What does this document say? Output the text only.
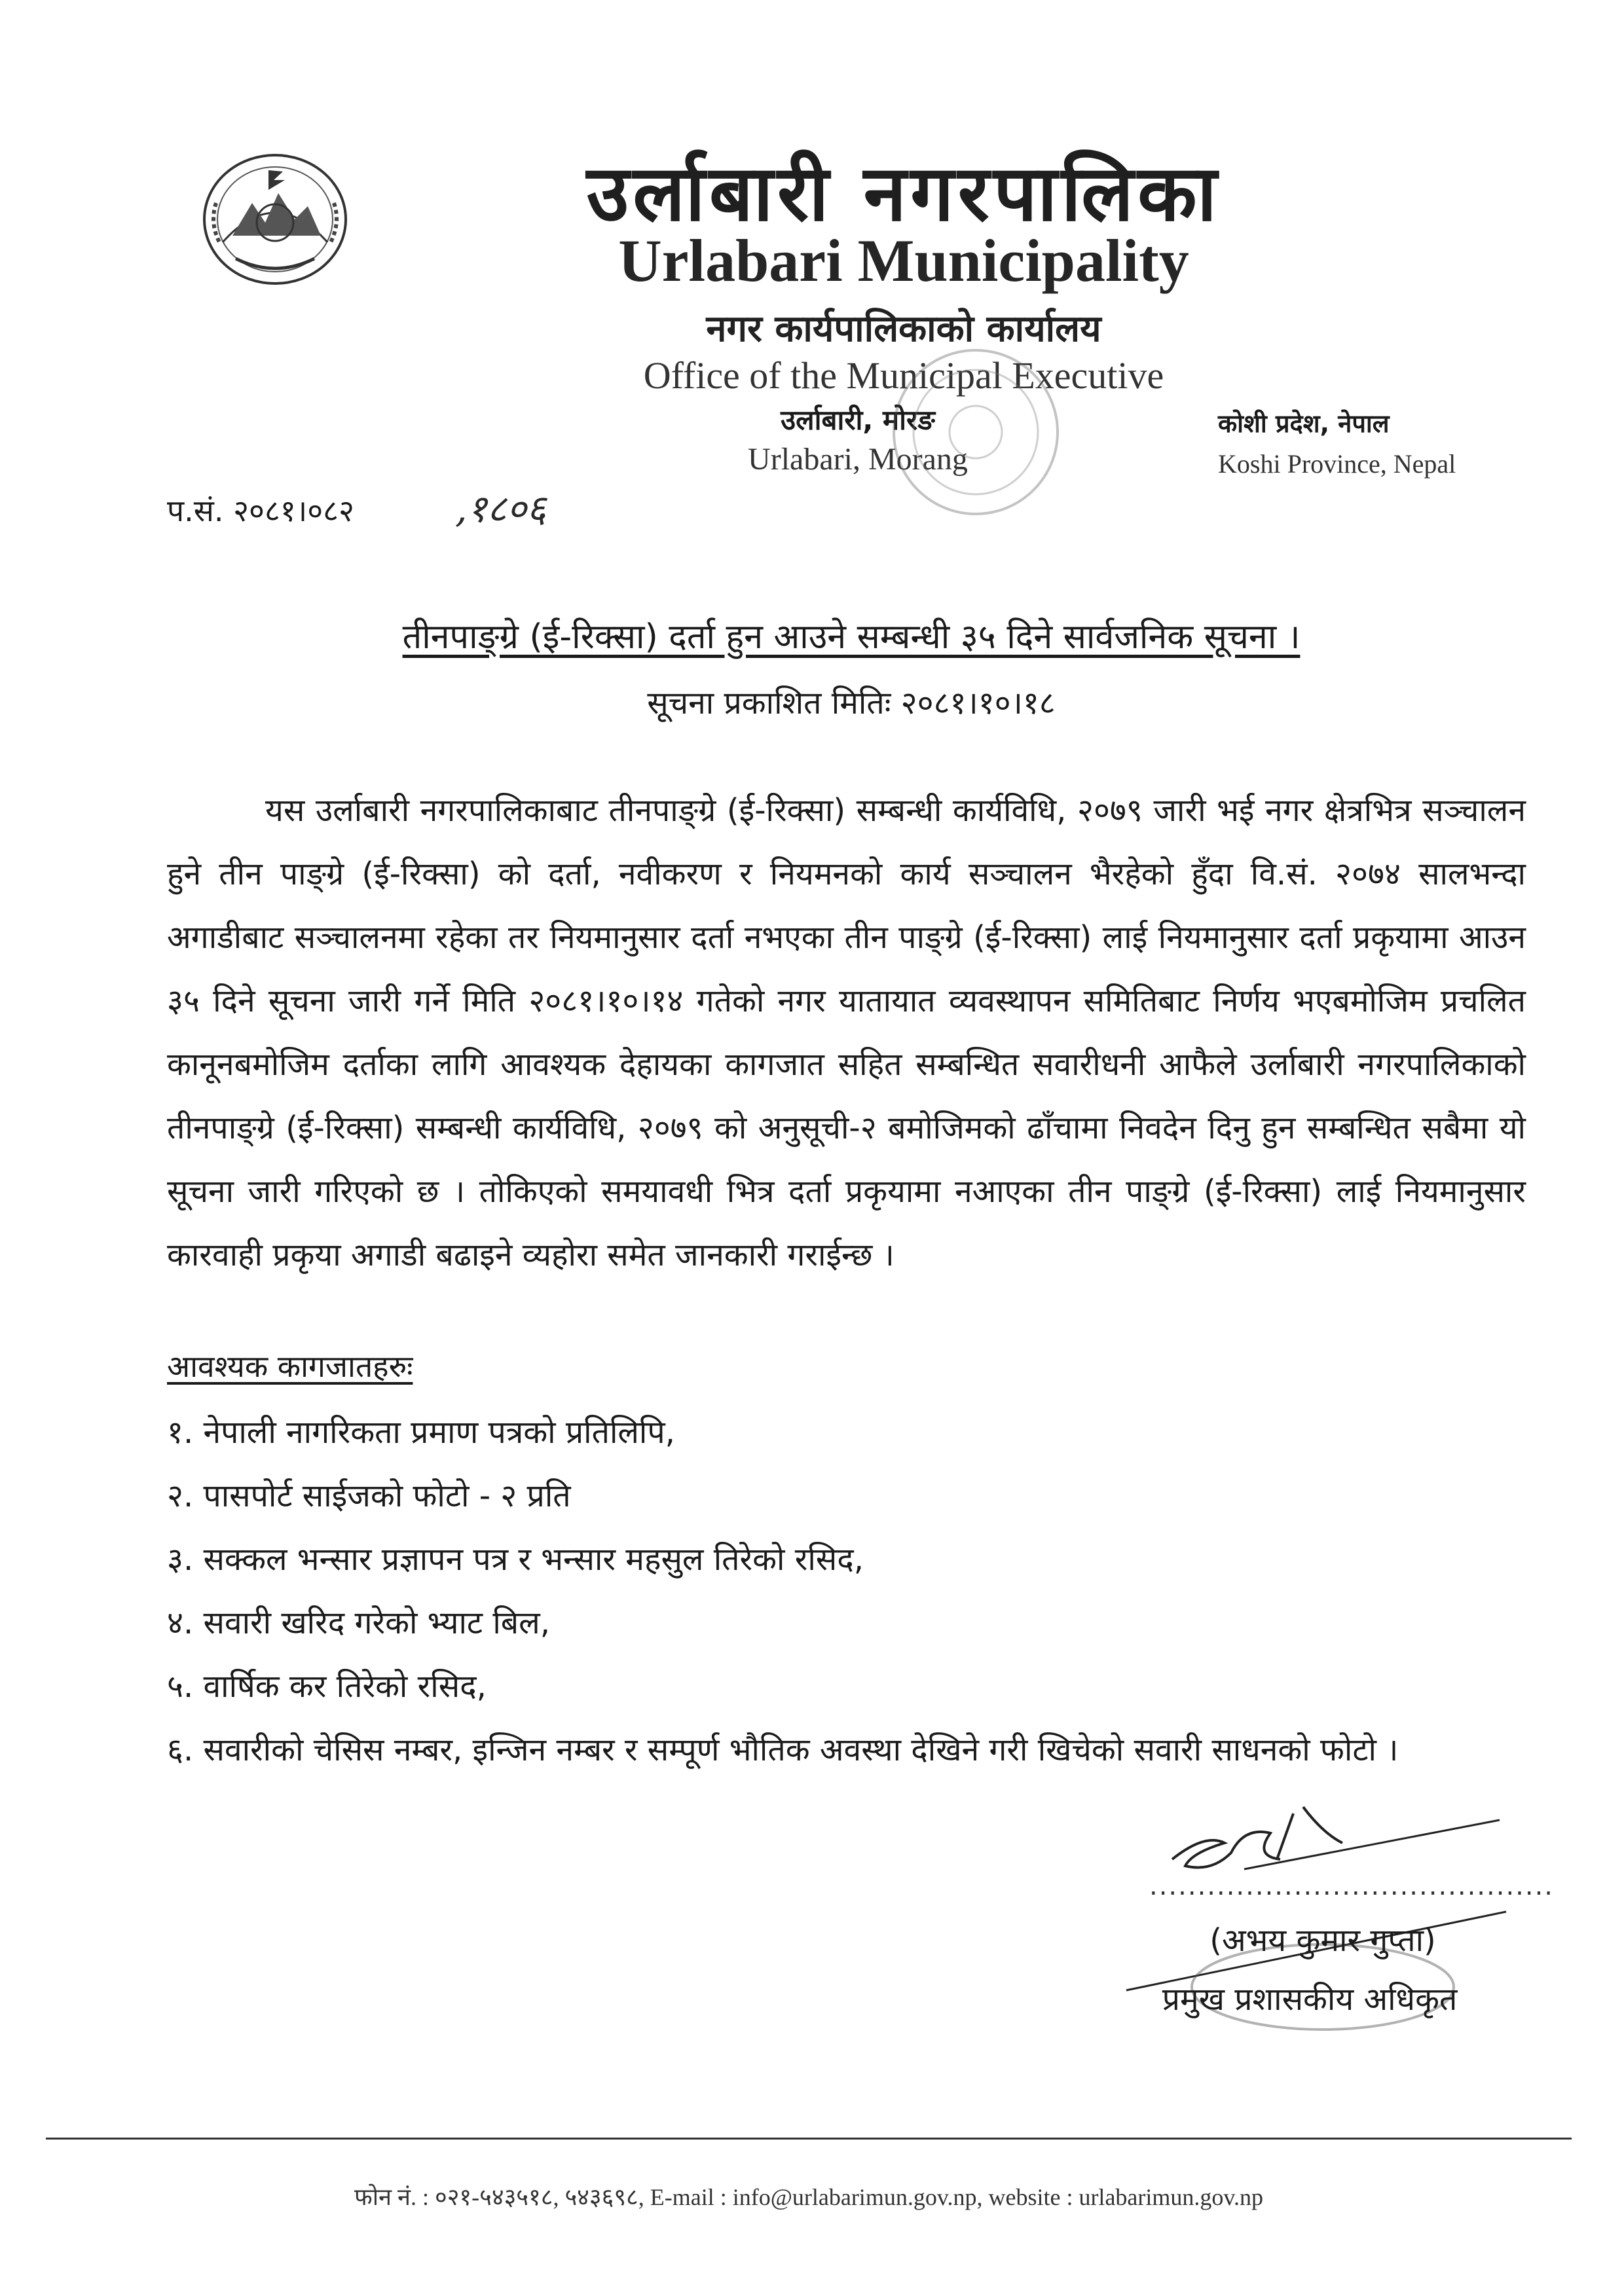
उर्लाबारी नगरपालिका
Urlabari Municipality
नगर कार्यपालिकाको कार्यालय
Office of the Municipal Executive
उर्लाबारी, मोरङ
Urlabari, Morang
कोशी प्रदेश, नेपाल
Koshi Province, Nepal
प.सं. २०८१।०८२	,१८०६
तीनपाङ्ग्रे (ई-रिक्सा) दर्ता हुन आउने सम्बन्धी ३५ दिने सार्वजनिक सूचना ।
सूचना प्रकाशित मितिः २०८१।१०।१८

यस उर्लाबारी नगरपालिकाबाट तीनपाङ्ग्रे (ई-रिक्सा) सम्बन्धी कार्यविधि, २०७९ जारी भई नगर क्षेत्रभित्र सञ्चालन हुने तीन पाङ्ग्रे (ई-रिक्सा) को दर्ता, नवीकरण र नियमनको कार्य सञ्चालन भैरहेको हुँदा वि.सं. २०७४ सालभन्दा अगाडीबाट सञ्चालनमा रहेका तर नियमानुसार दर्ता नभएका तीन पाङ्ग्रे (ई-रिक्सा) लाई नियमानुसार दर्ता प्रकृयामा आउन ३५ दिने सूचना जारी गर्ने मिति २०८१।१०।१४ गतेको नगर यातायात व्यवस्थापन समितिबाट निर्णय भएबमोजिम प्रचलित कानूनबमोजिम दर्ताका लागि आवश्यक देहायका कागजात सहित सम्बन्धित सवारीधनी आफैले उर्लाबारी नगरपालिकाको तीनपाङ्ग्रे (ई-रिक्सा) सम्बन्धी कार्यविधि, २०७९ को अनुसूची-२ बमोजिमको ढाँचामा निवदेन दिनु हुन सम्बन्धित सबैमा यो सूचना जारी गरिएको छ । तोकिएको समयावधी भित्र दर्ता प्रकृयामा नआएका तीन पाङ्ग्रे (ई-रिक्सा) लाई नियमानुसार कारवाही प्रकृया अगाडी बढाइने व्यहोरा समेत जानकारी गराईन्छ ।

आवश्यक कागजातहरुः
१. नेपाली नागरिकता प्रमाण पत्रको प्रतिलिपि,
२. पासपोर्ट साईजको फोटो - २ प्रति
३. सक्कल भन्सार प्रज्ञापन पत्र र भन्सार महसुल तिरेको रसिद,
४. सवारी खरिद गरेको भ्याट बिल,
५. वार्षिक कर तिरेको रसिद,
६. सवारीको चेसिस नम्बर, इन्जिन नम्बर र सम्पूर्ण भौतिक अवस्था देखिने गरी खिचेको सवारी साधनको फोटो ।
..........................................
(अभय कुमार गुप्ता)
प्रमुख प्रशासकीय अधिकृत
फोन नं. : ०२१-५४३५१८, ५४३६९८, E-mail : info@urlabarimun.gov.np, website : urlabarimun.gov.np
